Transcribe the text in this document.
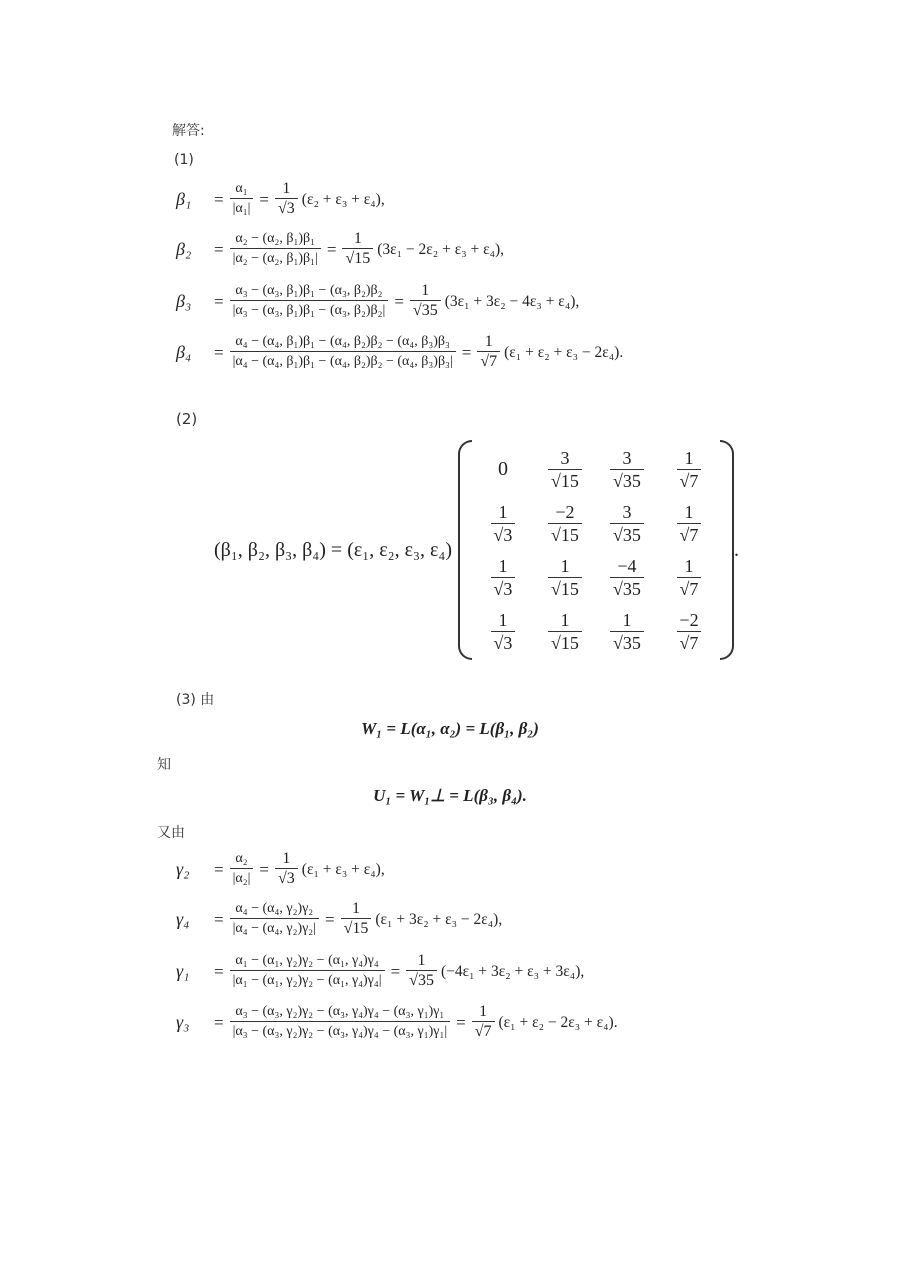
解答:
(1)
β₁	= $\frac{\text{α₁}}{\text{|α₁|}} = \frac{1}{√3} (\varepsilon_2 + \varepsilon_3 + \varepsilon_4)$,
β₂	= $\frac{\text{α₂ − (α₂, β₁)β₁}}{\text{|α₂ − (α₂, β₁)β₁|}} = \frac{1}{√15} (3\varepsilon_1 - 2\varepsilon_2 + \varepsilon_3 + \varepsilon_4)$,
β₃	= $\frac{\text{α₃ − (α₃, β₁)β₁ − (α₃, β₂)β₂}}{\text{|α₃ − (α₃, β₁)β₁ − (α₃, β₂)β₂|}} = \frac{1}{√35} (3\varepsilon_1 + 3\varepsilon_2 - 4\varepsilon_3 + \varepsilon_4)$,
β₄	= $\frac{\text{α₄ − (α₄, β₁)β₁ − (α₄, β₂)β₂ − (α₄, β₃)β₃}}{\text{|α₄ − (α₄, β₁)β₁ − (α₄, β₂)β₂ − (α₄, β₃)β₃|}} = \frac{1}{√7} (\varepsilon_1 + \varepsilon_2 + \varepsilon_3 - 2\varepsilon_4)$.
(2)
(β₁, β₂, β₃, β₄) = (ε₁, ε₂, ε₃, ε₄)
$0 \frac{3}{√15} \frac{3}{√35} \frac{1}{√7}$
$\frac{1}{√3} \frac{-2}{√15} \frac{3}{√35} \frac{1}{√7}$
$\frac{1}{√3} \frac{1}{√15} \frac{-4}{√35} \frac{1}{√7}$
$\frac{1}{√3} \frac{1}{√15} \frac{1}{√35} \frac{-2}{√7}$
.
(3) 由
W₁ = L(α₁, α₂) = L(β₁, β₂)
知
U₁ = W₁⊥ = L(β₃, β₄).
又由
γ₂	= $\frac{\text{α₂}}{\text{|α₂|}} = \frac{1}{√3} (\varepsilon_1 + \varepsilon_3 + \varepsilon_4)$,
γ₄	= $\frac{\text{α₄ − (α₄, γ₂)γ₂}}{\text{|α₄ − (α₄, γ₂)γ₂|}} = \frac{1}{√15} (\varepsilon_1 + 3\varepsilon_2 + \varepsilon_3 - 2\varepsilon_4)$,
γ₁	= $\frac{\text{α₁ − (α₁, γ₂)γ₂ − (α₁, γ₄)γ₄}}{\text{|α₁ − (α₁, γ₂)γ₂ − (α₁, γ₄)γ₄|}} = \frac{1}{√35} (-4\varepsilon_1 + 3\varepsilon_2 + \varepsilon_3 + 3\varepsilon_4)$,
γ₃	= $\frac{\text{α₃ − (α₃, γ₂)γ₂ − (α₃, γ₄)γ₄ − (α₃, γ₁)γ₁}}{\text{|α₃ − (α₃, γ₂)γ₂ − (α₃, γ₄)γ₄ − (α₃, γ₁)γ₁|}} = \frac{1}{√7} (\varepsilon_1 + \varepsilon_2 - 2\varepsilon_3 + \varepsilon_4)$.
